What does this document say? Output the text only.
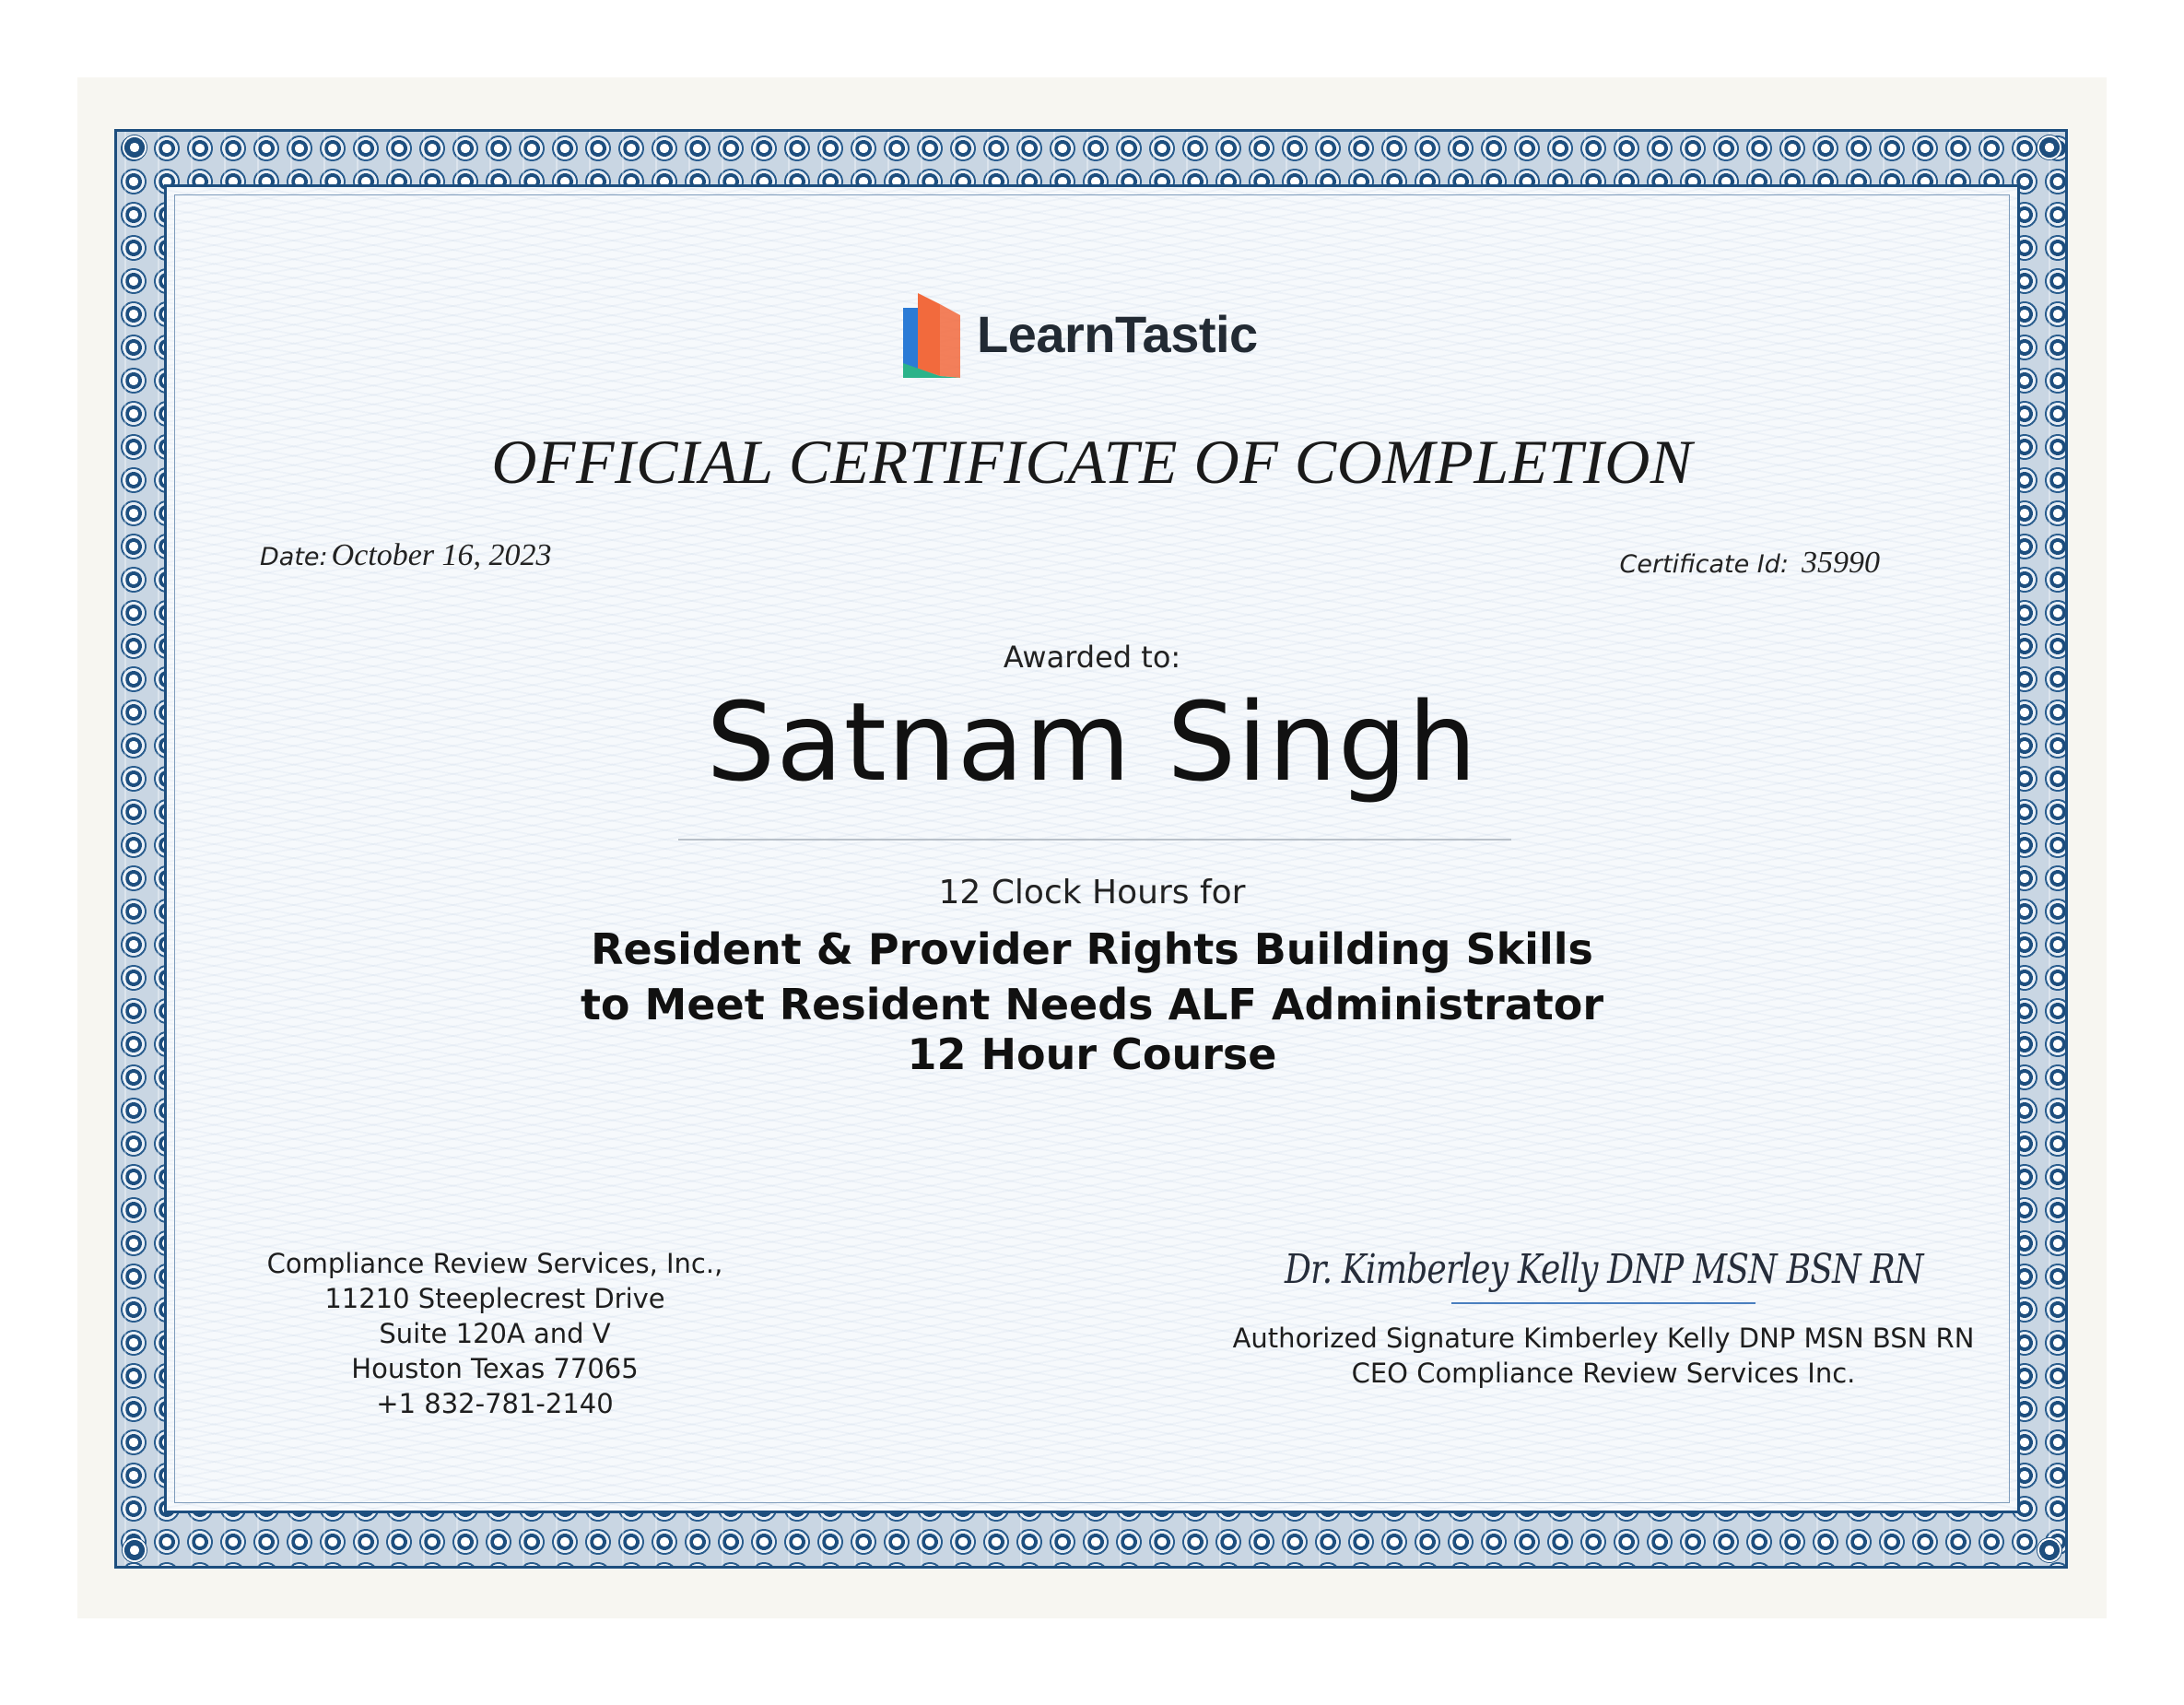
LearnTastic
OFFICIAL CERTIFICATE OF COMPLETION
Date: October 16, 2023	Certificate Id: 35990
Awarded to:
Satnam Singh
12 Clock Hours for
Resident & Provider Rights Building Skills
to Meet Resident Needs ALF Administrator
12 Hour Course
Compliance Review Services, Inc.,
11210 Steeplecrest Drive
Suite 120A and V
Houston Texas 77065
+1 832-781-2140
Dr. Kimberley Kelly DNP MSN BSN RN
Authorized Signature Kimberley Kelly DNP MSN BSN RN
CEO Compliance Review Services Inc.
